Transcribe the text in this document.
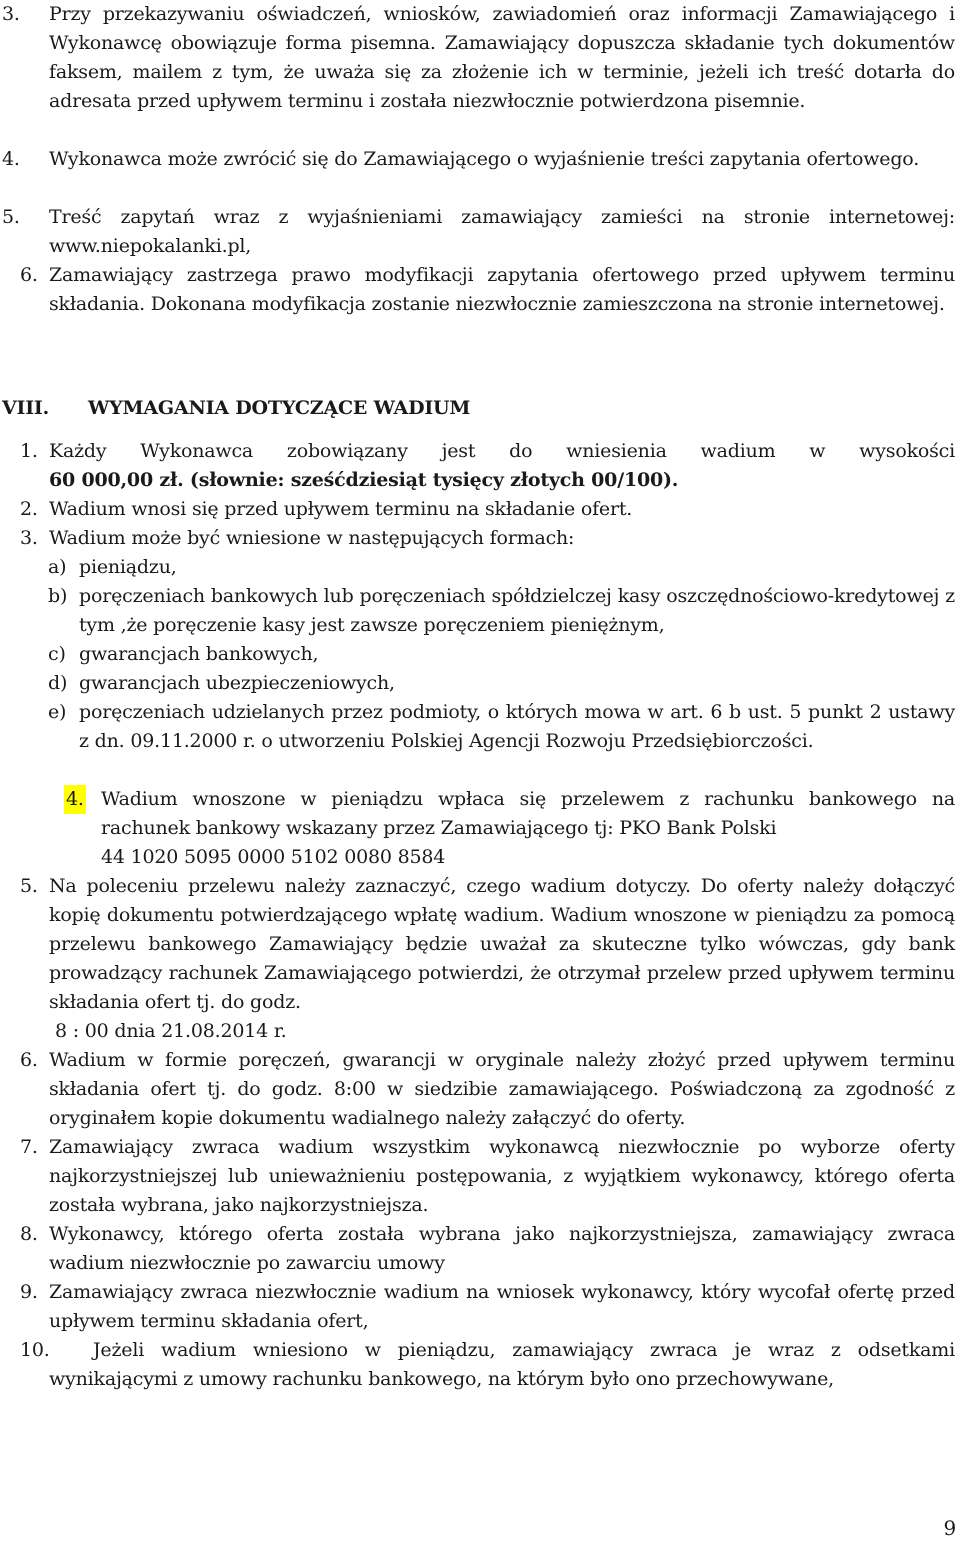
3. Przy przekazywaniu oświadczeń, wniosków, zawiadomień oraz informacji Zamawiającego i Wykonawcę obowiązuje forma pisemna. Zamawiający dopuszcza składanie tych dokumentów faksem, mailem z tym, że uważa się za złożenie ich w terminie, jeżeli ich treść dotarła do adresata przed upływem terminu i została niezwłocznie potwierdzona pisemnie.
4. Wykonawca może zwrócić się do Zamawiającego o wyjaśnienie treści zapytania ofertowego.
5. Treść zapytań wraz z wyjaśnieniami zamawiający zamieści na stronie internetowej: www.niepokalanki.pl,
6. Zamawiający zastrzega prawo modyfikacji zapytania ofertowego przed upływem terminu składania. Dokonana modyfikacja zostanie niezwłocznie zamieszczona na stronie internetowej.
VIII. WYMAGANIA DOTYCZĄCE WADIUM
1. Każdy Wykonawca zobowiązany jest do wniesienia wadium w wysokości
60 000,00 zł. (słownie: sześćdziesiąt tysięcy złotych 00/100).
2. Wadium wnosi się przed upływem terminu na składanie ofert.
3. Wadium może być wniesione w następujących formach:
a) pieniądzu,
b) poręczeniach bankowych lub poręczeniach spółdzielczej kasy oszczędnościowo-kredytowej z tym ,że poręczenie kasy jest zawsze poręczeniem pieniężnym,
c) gwarancjach bankowych,
d) gwarancjach ubezpieczeniowych,
e) poręczeniach udzielanych przez podmioty, o których mowa w art. 6 b ust. 5 punkt 2 ustawy z dn. 09.11.2000 r. o utworzeniu Polskiej Agencji Rozwoju Przedsiębiorczości.
4. Wadium wnoszone w pieniądzu wpłaca się przelewem z rachunku bankowego na rachunek bankowy wskazany przez Zamawiającego tj: PKO Bank Polski
44 1020 5095 0000 5102 0080 8584
5. Na poleceniu przelewu należy zaznaczyć, czego wadium dotyczy. Do oferty należy dołączyć kopię dokumentu potwierdzającego wpłatę wadium. Wadium wnoszone w pieniądzu za pomocą przelewu bankowego Zamawiający będzie uważał za skuteczne tylko wówczas, gdy bank prowadzący rachunek Zamawiającego potwierdzi, że otrzymał przelew przed upływem terminu składania ofert tj. do godz.
8 : 00 dnia 21.08.2014 r.
6. Wadium w formie poręczeń, gwarancji w oryginale należy złożyć przed upływem terminu składania ofert tj. do godz. 8:00 w siedzibie zamawiającego. Poświadczoną za zgodność z oryginałem kopie dokumentu wadialnego należy załączyć do oferty.
7. Zamawiający zwraca wadium wszystkim wykonawcą niezwłocznie po wyborze oferty najkorzystniejszej lub unieważnieniu postępowania, z wyjątkiem wykonawcy, którego oferta została wybrana, jako najkorzystniejsza.
8. Wykonawcy, którego oferta została wybrana jako najkorzystniejsza, zamawiający zwraca wadium niezwłocznie po zawarciu umowy
9. Zamawiający zwraca niezwłocznie wadium na wniosek wykonawcy, który wycofał ofertę przed upływem terminu składania ofert,
10.	Jeżeli wadium wniesiono w pieniądzu, zamawiający zwraca je wraz z odsetkami wynikającymi z umowy rachunku bankowego, na którym było ono przechowywane,
9
